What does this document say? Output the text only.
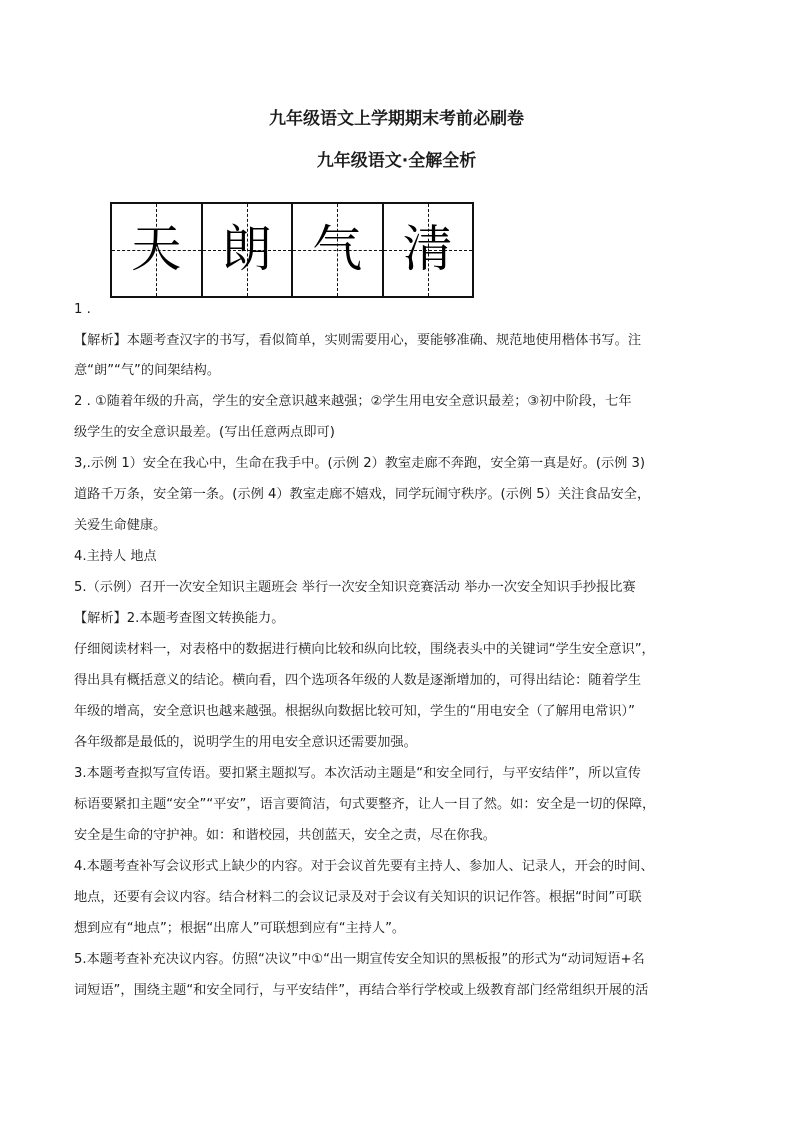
九年级语文上学期期末考前必刷卷
九年级语文·全解全析
天 朗 气 清
1 .
【解析】本题考查汉字的书写，看似简单，实则需要用心，要能够准确、规范地使用楷体书写。注
意“朗”“气”的间架结构。
2 . ①随着年级的升高，学生的安全意识越来越强；②学生用电安全意识最差；③初中阶段，七年
级学生的安全意识最差。(写出任意两点即可)
3,.示例 1）安全在我心中，生命在我手中。(示例 2）教室走廊不奔跑，安全第一真是好。(示例 3)
道路千万条，安全第一条。(示例 4）教室走廊不嬉戏，同学玩闹守秩序。(示例 5）关注食品安全，
关爱生命健康。
4.主持人 地点
5.（示例）召开一次安全知识主题班会 举行一次安全知识竞赛活动 举办一次安全知识手抄报比赛
【解析】2.本题考查图文转换能力。
仔细阅读材料一，对表格中的数据进行横向比较和纵向比较，围绕表头中的关键词“学生安全意识”，
得出具有概括意义的结论。横向看，四个选项各年级的人数是逐渐增加的，可得出结论：随着学生
年级的增高，安全意识也越来越强。根据纵向数据比较可知，学生的“用电安全（了解用电常识）”
各年级都是最低的，说明学生的用电安全意识还需要加强。
3.本题考查拟写宣传语。要扣紧主题拟写。本次活动主题是“和安全同行，与平安结伴”，所以宣传
标语要紧扣主题“安全”“平安”，语言要简洁，句式要整齐，让人一目了然。如：安全是一切的保障，
安全是生命的守护神。如：和谐校园，共创蓝天，安全之责，尽在你我。
4.本题考查补写会议形式上缺少的内容。对于会议首先要有主持人、参加人、记录人，开会的时间、
地点，还要有会议内容。结合材料二的会议记录及对于会议有关知识的识记作答。根据“时间”可联
想到应有“地点”；根据“出席人”可联想到应有“主持人”。
5.本题考查补充决议内容。仿照“决议”中①“出一期宣传安全知识的黑板报”的形式为“动词短语+名
词短语”，围绕主题“和安全同行，与平安结伴”，再结合举行学校或上级教育部门经常组织开展的活
